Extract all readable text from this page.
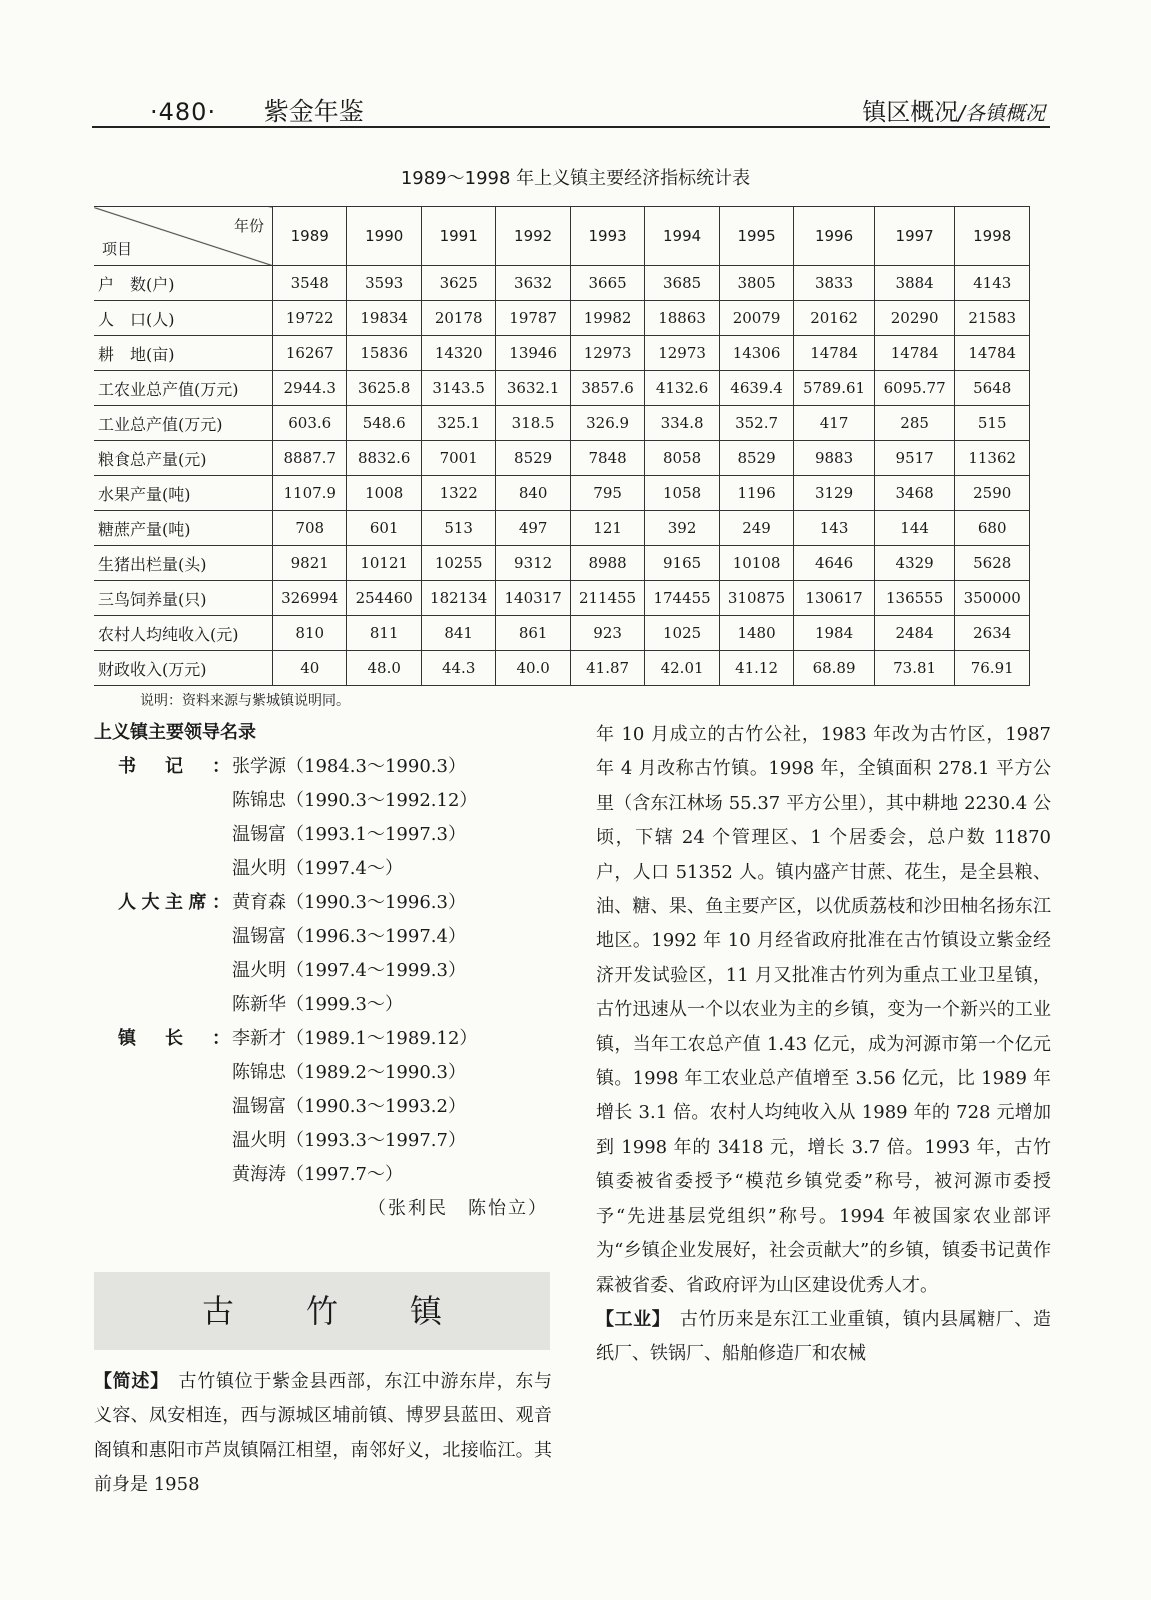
·480· 紫金年鉴	镇区概况/各镇概况
1989～1998 年上义镇主要经济指标统计表
年份
项目	1989	1990	1991	1992	1993	1994	1995	1996	1997	1998
户　数(户)	3548	3593	3625	3632	3665	3685	3805	3833	3884	4143
人　口(人)	19722	19834	20178	19787	19982	18863	20079	20162	20290	21583
耕　地(亩)	16267	15836	14320	13946	12973	12973	14306	14784	14784	14784
工农业总产值(万元)	2944.3	3625.8	3143.5	3632.1	3857.6	4132.6	4639.4	5789.61	6095.77	5648
工业总产值(万元)	603.6	548.6	325.1	318.5	326.9	334.8	352.7	417	285	515
粮食总产量(元)	8887.7	8832.6	7001	8529	7848	8058	8529	9883	9517	11362
水果产量(吨)	1107.9	1008	1322	840	795	1058	1196	3129	3468	2590
糖蔗产量(吨)	708	601	513	497	121	392	249	143	144	680
生猪出栏量(头)	9821	10121	10255	9312	8988	9165	10108	4646	4329	5628
三鸟饲养量(只)	326994	254460	182134	140317	211455	174455	310875	130617	136555	350000
农村人均纯收入(元)	810	811	841	861	923	1025	1480	1984	2484	2634
财政收入(万元)	40	48.0	44.3	40.0	41.87	42.01	41.12	68.89	73.81	76.91
说明：资料来源与紫城镇说明同。
上义镇主要领导名录
书记： 张学源（1984.3～1990.3）
陈锦忠（1990.3～1992.12）
温锡富（1993.1～1997.3）
温火明（1997.4～）
人大主席： 黄育森（1990.3～1996.3）
温锡富（1996.3～1997.4）
温火明（1997.4～1999.3）
陈新华（1999.3～）
镇长： 李新才（1989.1～1989.12）
陈锦忠（1989.2～1990.3）
温锡富（1990.3～1993.2）
温火明（1993.3～1997.7）
黄海涛（1997.7～）
（张利民　陈怡立）
古竹镇
【简述】　古竹镇位于紫金县西部，东江中游东岸，东与义容、凤安相连，西与源城区埔前镇、博罗县蓝田、观音阁镇和惠阳市芦岚镇隔江相望，南邻好义，北接临江。其前身是 1958
年 10 月成立的古竹公社，1983 年改为古竹区，1987 年 4 月改称古竹镇。1998 年，全镇面积 278.1 平方公里（含东江林场 55.37 平方公里），其中耕地 2230.4 公顷，下辖 24 个管理区、1 个居委会，总户数 11870 户，人口 51352 人。镇内盛产甘蔗、花生，是全县粮、油、糖、果、鱼主要产区，以优质荔枝和沙田柚名扬东江地区。1992 年 10 月经省政府批准在古竹镇设立紫金经济开发试验区，11 月又批准古竹列为重点工业卫星镇，古竹迅速从一个以农业为主的乡镇，变为一个新兴的工业镇，当年工农总产值 1.43 亿元，成为河源市第一个亿元镇。1998 年工农业总产值增至 3.56 亿元，比 1989 年增长 3.1 倍。农村人均纯收入从 1989 年的 728 元增加到 1998 年的 3418 元，增长 3.7 倍。1993 年，古竹镇委被省委授予“模范乡镇党委”称号，被河源市委授予“先进基层党组织”称号。1994 年被国家农业部评为“乡镇企业发展好，社会贡献大”的乡镇，镇委书记黄作霖被省委、省政府评为山区建设优秀人才。
【工业】　古竹历来是东江工业重镇，镇内县属糖厂、造纸厂、铁锅厂、船舶修造厂和农械
